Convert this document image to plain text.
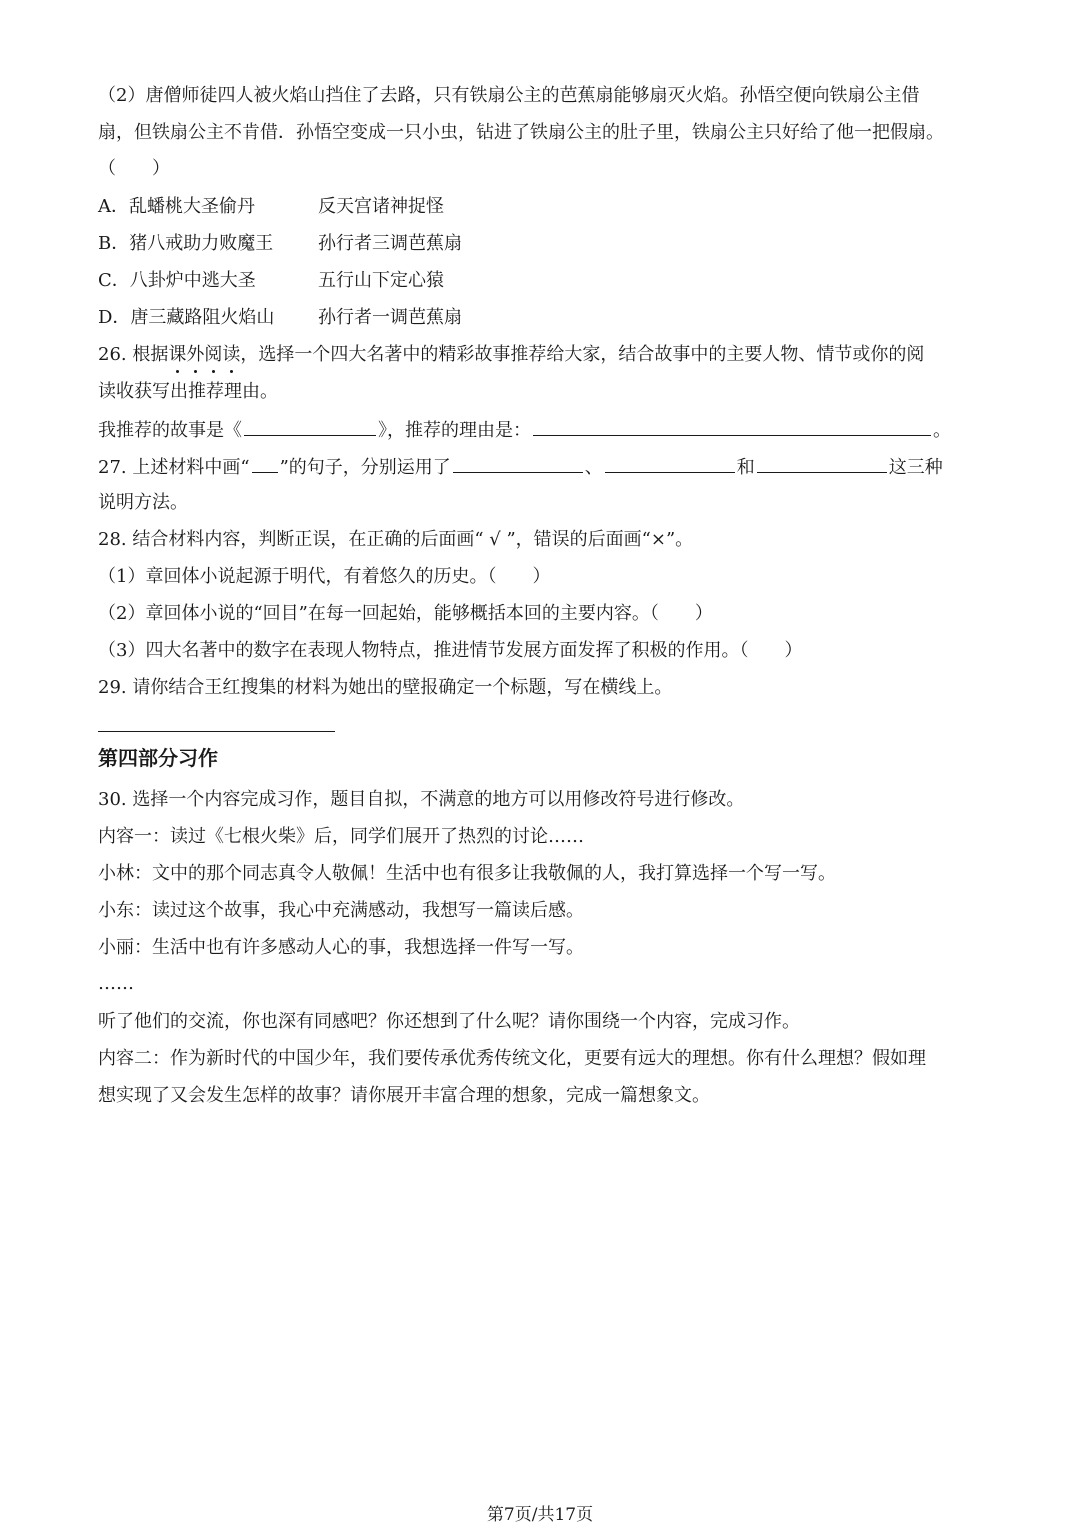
（2）唐僧师徒四人被火焰山挡住了去路，只有铁扇公主的芭蕉扇能够扇灭火焰。孙悟空便向铁扇公主借
扇，但铁扇公主不肯借．孙悟空变成一只小虫，钻进了铁扇公主的肚子里，铁扇公主只好给了他一把假扇。
（　　）
A．乱蟠桃大圣偷丹	反天宫诸神捉怪
B．猪八戒助力败魔王 孙行者三调芭蕉扇
C．八卦炉中逃大圣	五行山下定心猿
D．唐三藏路阻火焰山 孙行者一调芭蕉扇
26. 根据课外阅读，选择一个四大名著中的精彩故事推荐给大家，结合故事中的主要人物、情节或你的阅
读收获写出推荐理由。
我推荐的故事是《	》，推荐的理由是：	。
27. 上述材料中画“ ”的句子，分别运用了	、	和	这三种
说明方法。
28. 结合材料内容，判断正误，在正确的后面画“ √ ”，错误的后面画“×”。
（1）章回体小说起源于明代，有着悠久的历史。（　　）
（2）章回体小说的“回目”在每一回起始，能够概括本回的主要内容。（　　）
（3）四大名著中的数字在表现人物特点，推进情节发展方面发挥了积极的作用。（　　）
29. 请你结合王红搜集的材料为她出的壁报确定一个标题，写在横线上。
第四部分习作
30. 选择一个内容完成习作，题目自拟，不满意的地方可以用修改符号进行修改。
内容一：读过《七根火柴》后，同学们展开了热烈的讨论……
小林：文中的那个同志真令人敬佩！生活中也有很多让我敬佩的人，我打算选择一个写一写。
小东：读过这个故事，我心中充满感动，我想写一篇读后感。
小丽：生活中也有许多感动人心的事，我想选择一件写一写。
……
听了他们的交流，你也深有同感吧？你还想到了什么呢？请你围绕一个内容，完成习作。
内容二：作为新时代的中国少年，我们要传承优秀传统文化，更要有远大的理想。你有什么理想？假如理
想实现了又会发生怎样的故事？请你展开丰富合理的想象，完成一篇想象文。
第7页/共17页
